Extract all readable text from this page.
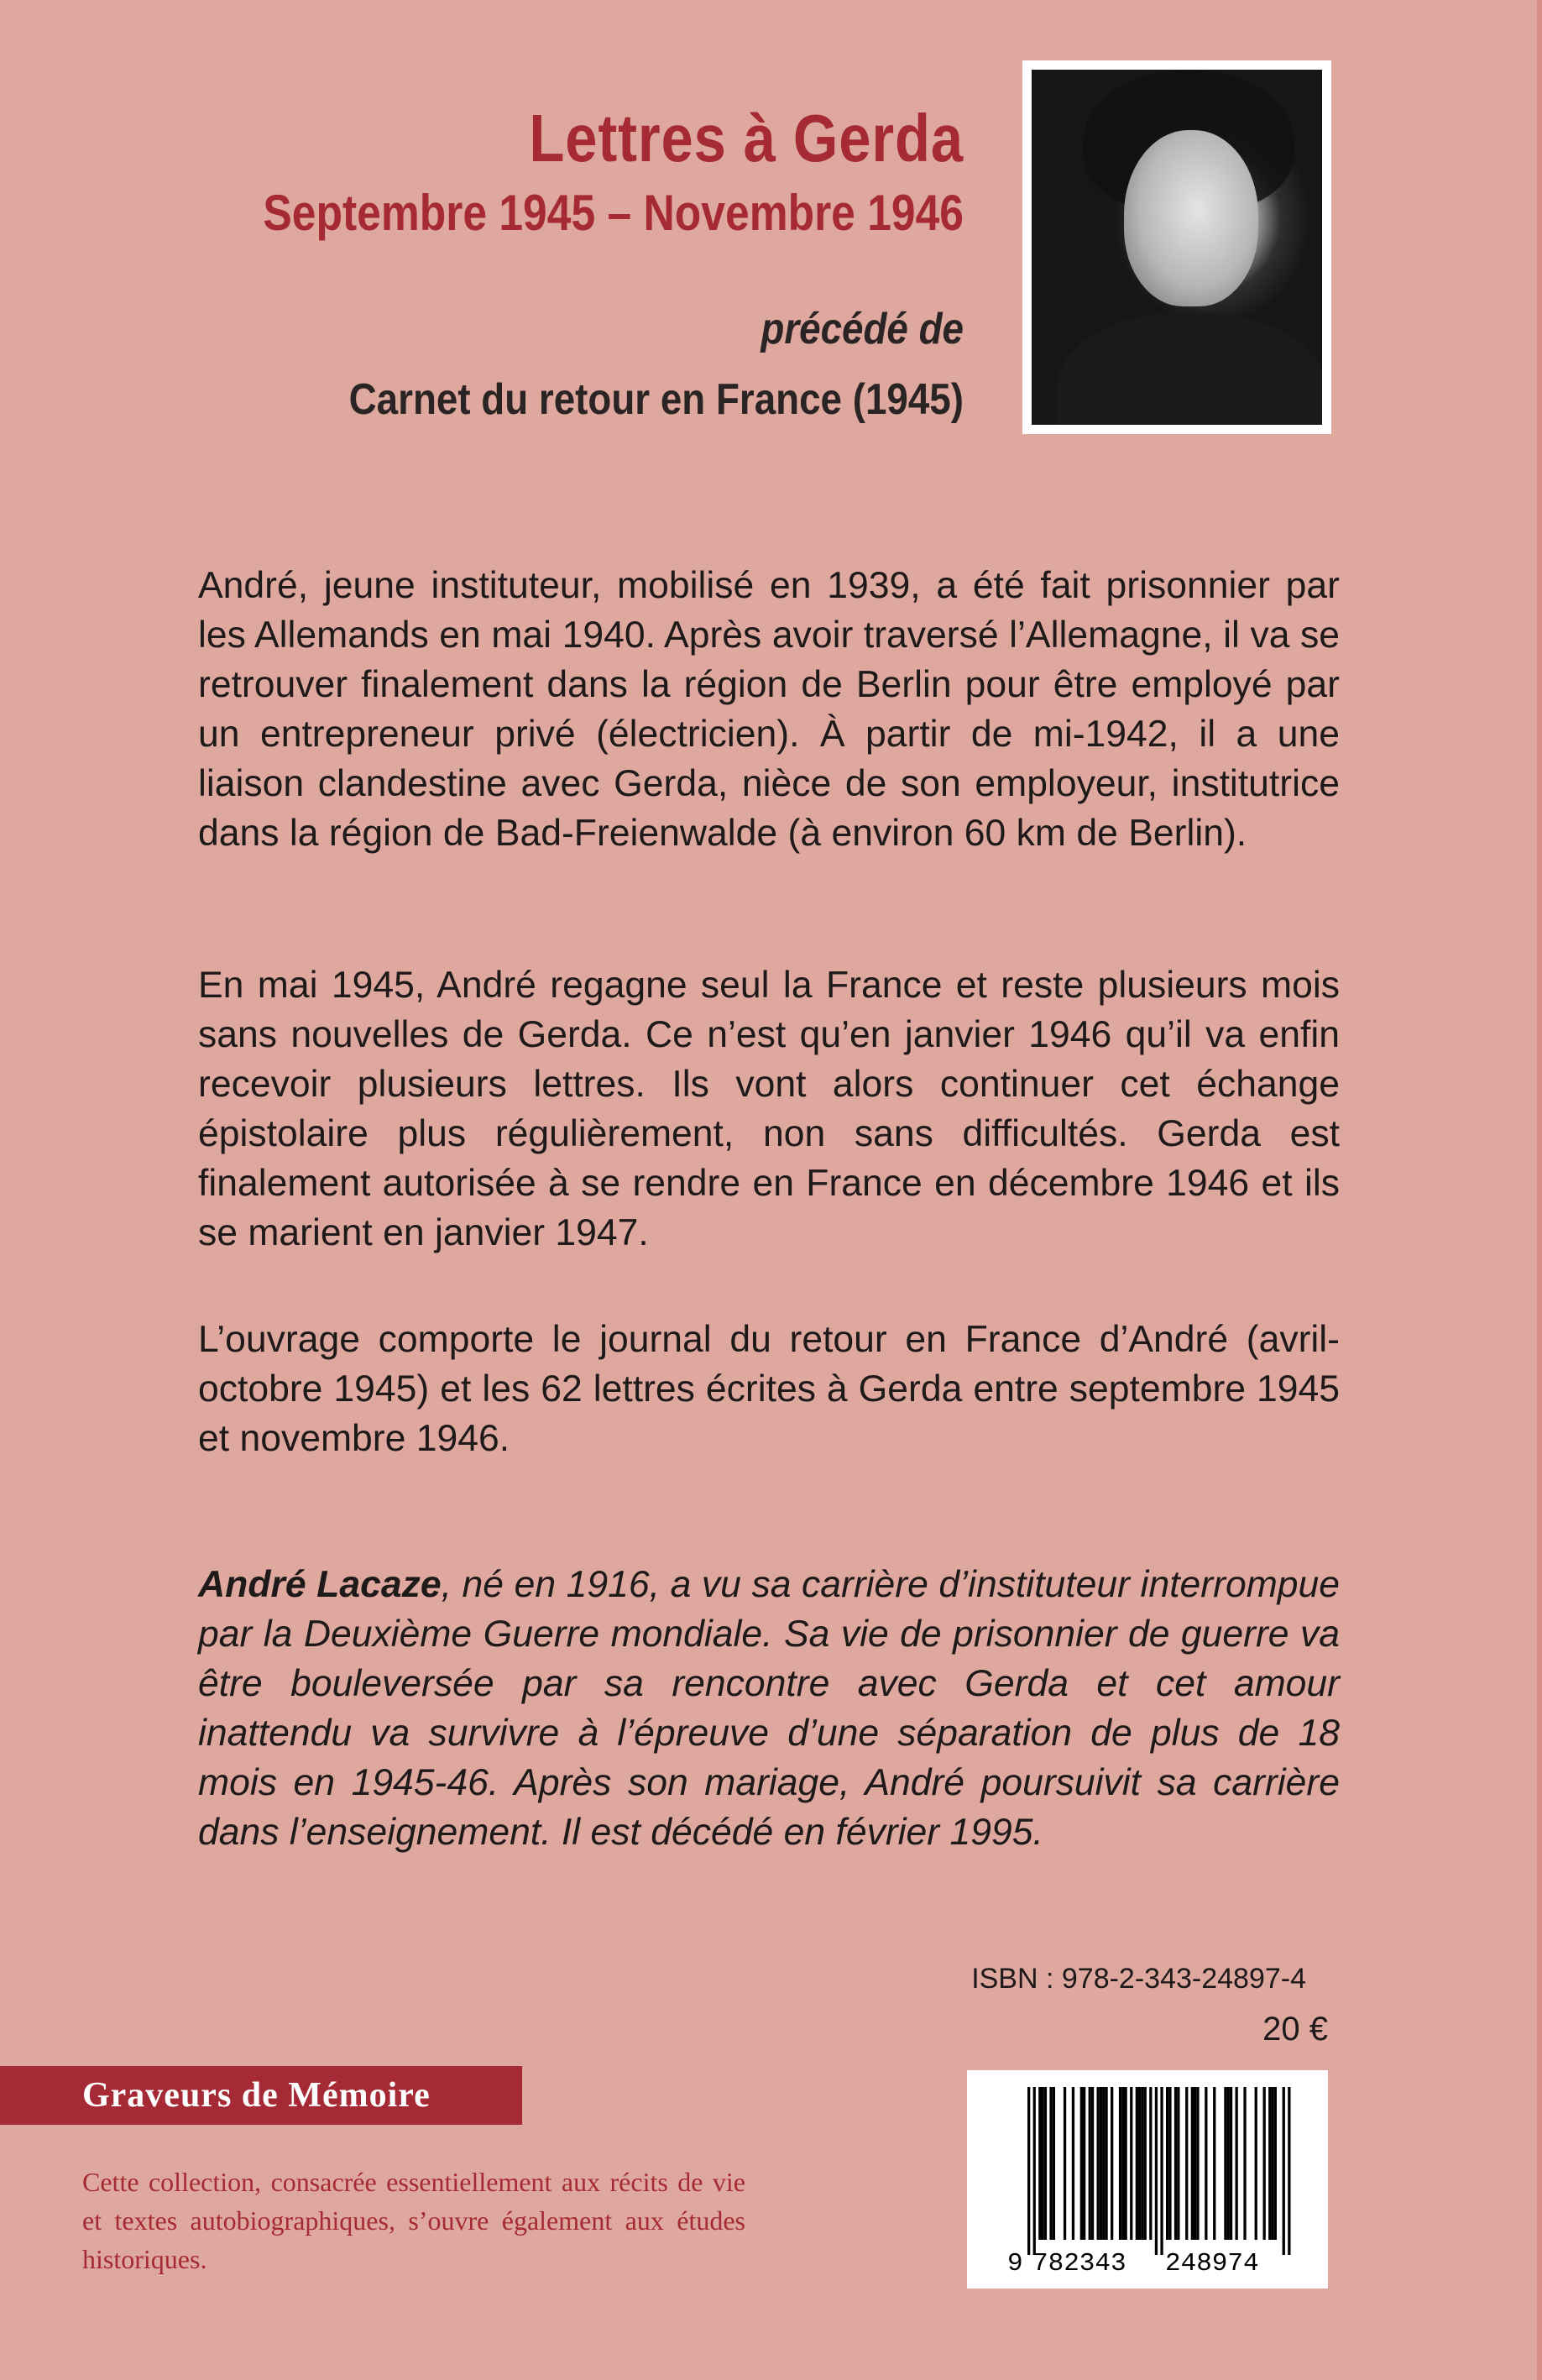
Lettres à Gerda
Septembre 1945 – Novembre 1946
précédé de
Carnet du retour en France (1945)
André, jeune instituteur, mobilisé en 1939, a été fait prisonnier par les Allemands en mai 1940. Après avoir traversé l’Allemagne, il va se retrouver finalement dans la région de Berlin pour être employé par un entrepreneur privé (électricien). À partir de mi-1942, il a une liaison clandestine avec Gerda, nièce de son employeur, institutrice dans la région de Bad-Freienwalde (à environ 60 km de Berlin).
En mai 1945, André regagne seul la France et reste plusieurs mois sans nouvelles de Gerda. Ce n’est qu’en janvier 1946 qu’il va enfin recevoir plusieurs lettres. Ils vont alors continuer cet échange épistolaire plus régulièrement, non sans difficultés. Gerda est finalement autorisée à se rendre en France en décembre 1946 et ils se marient en janvier 1947.
L’ouvrage comporte le journal du retour en France d’André (avril-octobre 1945) et les 62 lettres écrites à Gerda entre septembre 1945 et novembre 1946.
André Lacaze, né en 1916, a vu sa carrière d’instituteur interrompue par la Deuxième Guerre mondiale. Sa vie de prisonnier de guerre va être bouleversée par sa rencontre avec Gerda et cet amour inattendu va survivre à l’épreuve d’une séparation de plus de 18 mois en 1945-46. Après son mariage, André poursuivit sa carrière dans l’enseignement. Il est décédé en février 1995.
ISBN : 978-2-343-24897-4
20 €
Graveurs de Mémoire
Cette collection, consacrée essentiellement aux récits de vie et textes autobiographiques, s’ouvre également aux études historiques.	9 782343 248974
